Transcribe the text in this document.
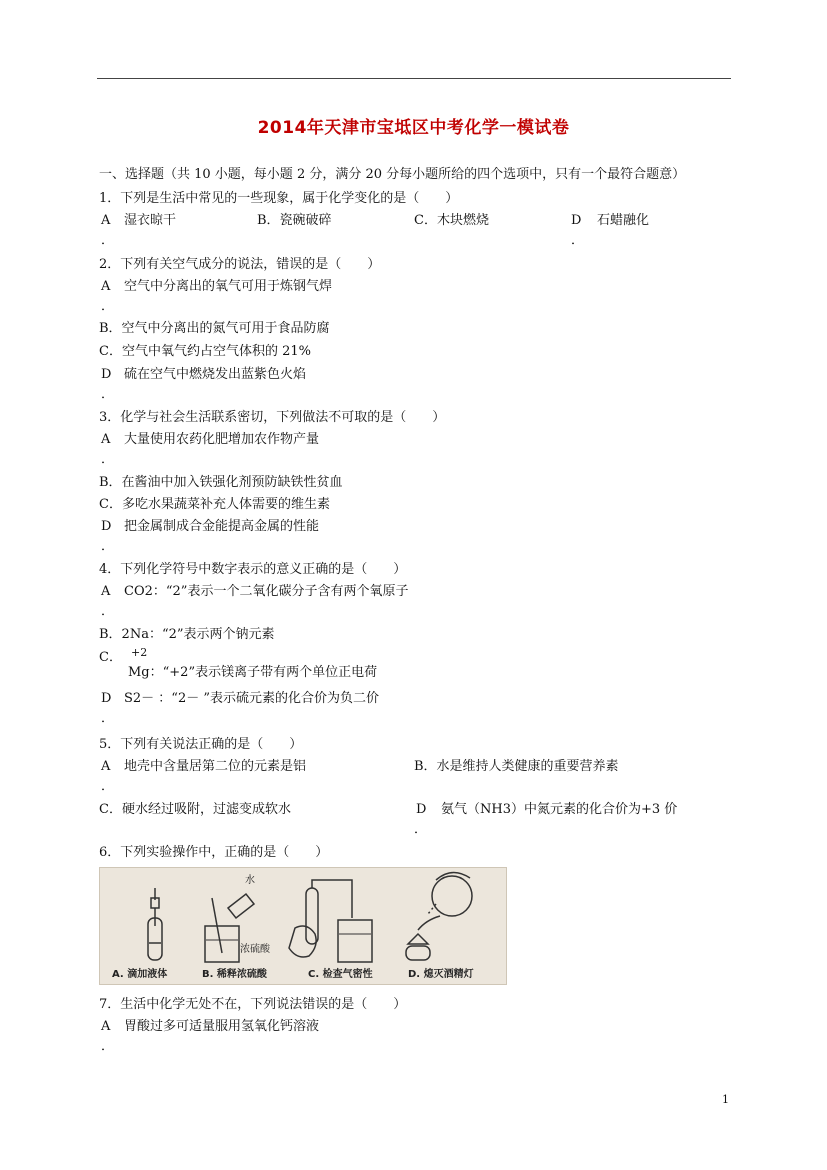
2014年天津市宝坻区中考化学一模试卷
一、选择题（共 10 小题，每小题 2 分，满分 20 分每小题所给的四个选项中，只有一个最符合题意）
1．下列是生活中常见的一些现象，属于化学变化的是（　　）
A 湿衣晾干	B．瓷碗破碎	C．木块燃烧	D 石蜡融化
．	．
2．下列有关空气成分的说法，错误的是（　　）
A 空气中分离出的氧气可用于炼钢气焊
．
B．空气中分离出的氮气可用于食品防腐
C．空气中氧气约占空气体积的 21%
D 硫在空气中燃烧发出蓝紫色火焰
．
3．化学与社会生活联系密切，下列做法不可取的是（　　）
A 大量使用农药化肥增加农作物产量
．
B．在酱油中加入铁强化剂预防缺铁性贫血
C．多吃水果蔬菜补充人体需要的维生素
D 把金属制成合金能提高金属的性能
．
4．下列化学符号中数字表示的意义正确的是（　　）
A CO2：“2”表示一个二氧化碳分子含有两个氧原子
．
B．2Na：“2”表示两个钠元素
C． +2
Mg：“+2”表示镁离子带有两个单位正电荷
D S2－ ：“2－ ”表示硫元素的化合价为负二价
．
5．下列有关说法正确的是（　　）
A 地壳中含量居第二位的元素是铝	B．水是维持人类健康的重要营养素
．
C．硬水经过吸附，过滤变成软水	D 氨气（NH3）中氮元素的化合价为+3 价
．
6．下列实验操作中，正确的是（　　）
水
浓硫酸
A. 滴加液体	B. 稀释浓硫酸	C. 检查气密性	D. 熄灭酒精灯
7．生活中化学无处不在，下列说法错误的是（　　）
A 胃酸过多可适量服用氢氧化钙溶液
．
1
